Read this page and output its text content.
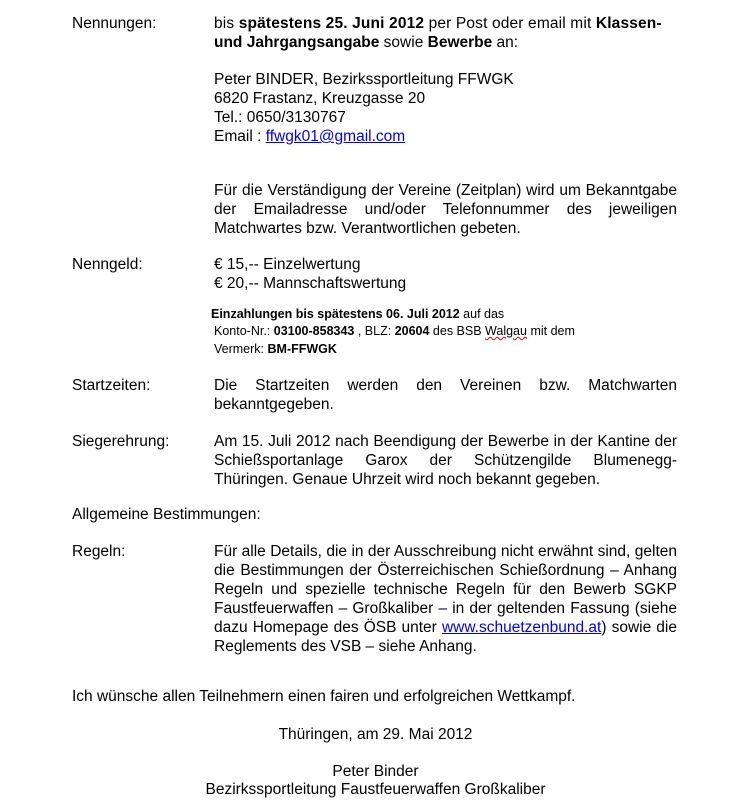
Nennungen:	bis spätestens 25. Juni 2012 per Post oder email mit Klassen-
und Jahrgangsangabe sowie Bewerbe an:
Peter BINDER, Bezirkssportleitung FFWGK
6820 Frastanz, Kreuzgasse 20
Tel.: 0650/3130767
Email : ffwgk01@gmail.com
Für die Verständigung der Vereine (Zeitplan) wird um Bekanntgabe der Emailadresse und/oder Telefonnummer des jeweiligen Matchwartes bzw. Verantwortlichen gebeten.
Nenngeld:	€ 15,-- Einzelwertung
€ 20,-- Mannschaftswertung
Einzahlungen bis spätestens 06. Juli 2012 auf das
Konto-Nr.: 03100-858343 , BLZ: 20604 des BSB Walgau mit dem
Vermerk: BM-FFWGK
Startzeiten:	Die Startzeiten werden den Vereinen bzw. Matchwarten bekanntgegeben.
Siegerehrung:	Am 15. Juli 2012 nach Beendigung der Bewerbe in der Kantine der Schießsportanlage Garox der Schützengilde Blumenegg-Thüringen. Genaue Uhrzeit wird noch bekannt gegeben.
Allgemeine Bestimmungen:
Regeln:	Für alle Details, die in der Ausschreibung nicht erwähnt sind, gelten die Bestimmungen der Österreichischen Schießordnung – Anhang Regeln und spezielle technische Regeln für den Bewerb SGKP Faustfeuerwaffen – Großkaliber – in der geltenden Fassung (siehe dazu Homepage des ÖSB unter www.schuetzenbund.at) sowie die Reglements des VSB – siehe Anhang.
Ich wünsche allen Teilnehmern einen fairen und erfolgreichen Wettkampf.
Thüringen, am 29. Mai 2012
Peter Binder
Bezirkssportleitung Faustfeuerwaffen Großkaliber
